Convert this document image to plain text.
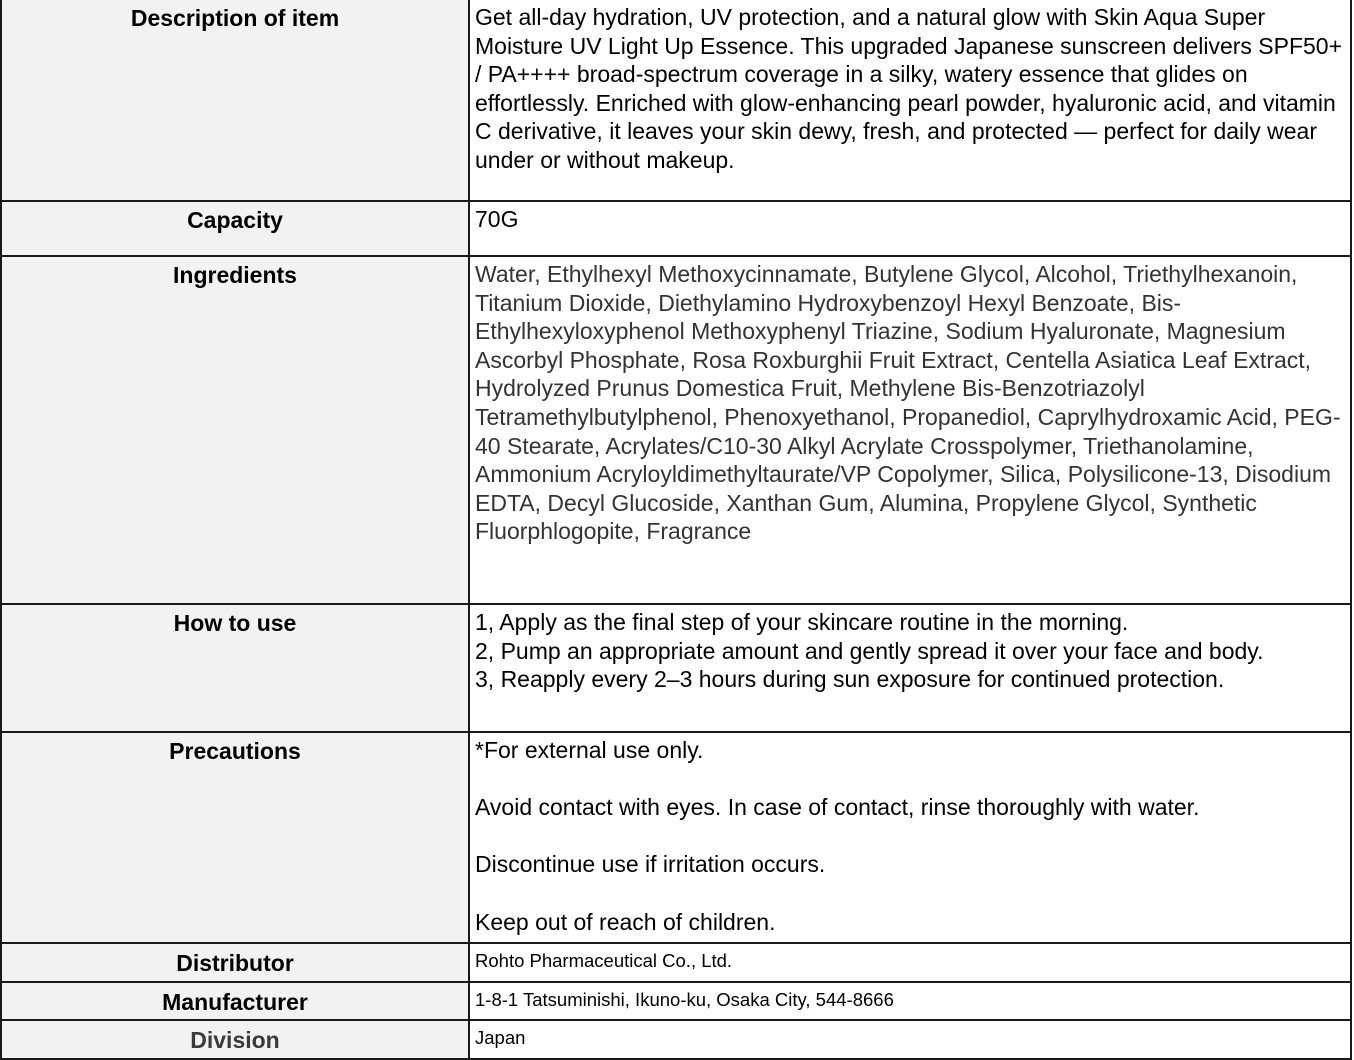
Description of item	Get all-day hydration, UV protection, and a natural glow with Skin Aqua Super Moisture UV Light Up Essence. This upgraded Japanese sunscreen delivers SPF50+ / PA++++ broad-spectrum coverage in a silky, watery essence that glides on effortlessly. Enriched with glow-enhancing pearl powder, hyaluronic acid, and vitamin C derivative, it leaves your skin dewy, fresh, and protected — perfect for daily wear under or without makeup.

Capacity	70G

Ingredients	Water, Ethylhexyl Methoxycinnamate, Butylene Glycol, Alcohol, Triethylhexanoin, Titanium Dioxide, Diethylamino Hydroxybenzoyl Hexyl Benzoate, Bis-Ethylhexyloxyphenol Methoxyphenyl Triazine, Sodium Hyaluronate, Magnesium Ascorbyl Phosphate, Rosa Roxburghii Fruit Extract, Centella Asiatica Leaf Extract, Hydrolyzed Prunus Domestica Fruit, Methylene Bis-Benzotriazolyl Tetramethylbutylphenol, Phenoxyethanol, Propanediol, Caprylhydroxamic Acid, PEG-40 Stearate, Acrylates/C10-30 Alkyl Acrylate Crosspolymer, Triethanolamine, Ammonium Acryloyldimethyltaurate/VP Copolymer, Silica, Polysilicone-13, Disodium EDTA, Decyl Glucoside, Xanthan Gum, Alumina, Propylene Glycol, Synthetic Fluorphlogopite, Fragrance

How to use	1, Apply as the final step of your skincare routine in the morning.
2, Pump an appropriate amount and gently spread it over your face and body.
3, Reapply every 2–3 hours during sun exposure for continued protection.

Precautions	*For external use only.
Avoid contact with eyes. In case of contact, rinse thoroughly with water.
Discontinue use if irritation occurs.
Keep out of reach of children.

Distributor	Rohto Pharmaceutical Co., Ltd.

Manufacturer	1-8-1 Tatsuminishi, Ikuno-ku, Osaka City, 544-8666

Division	Japan
